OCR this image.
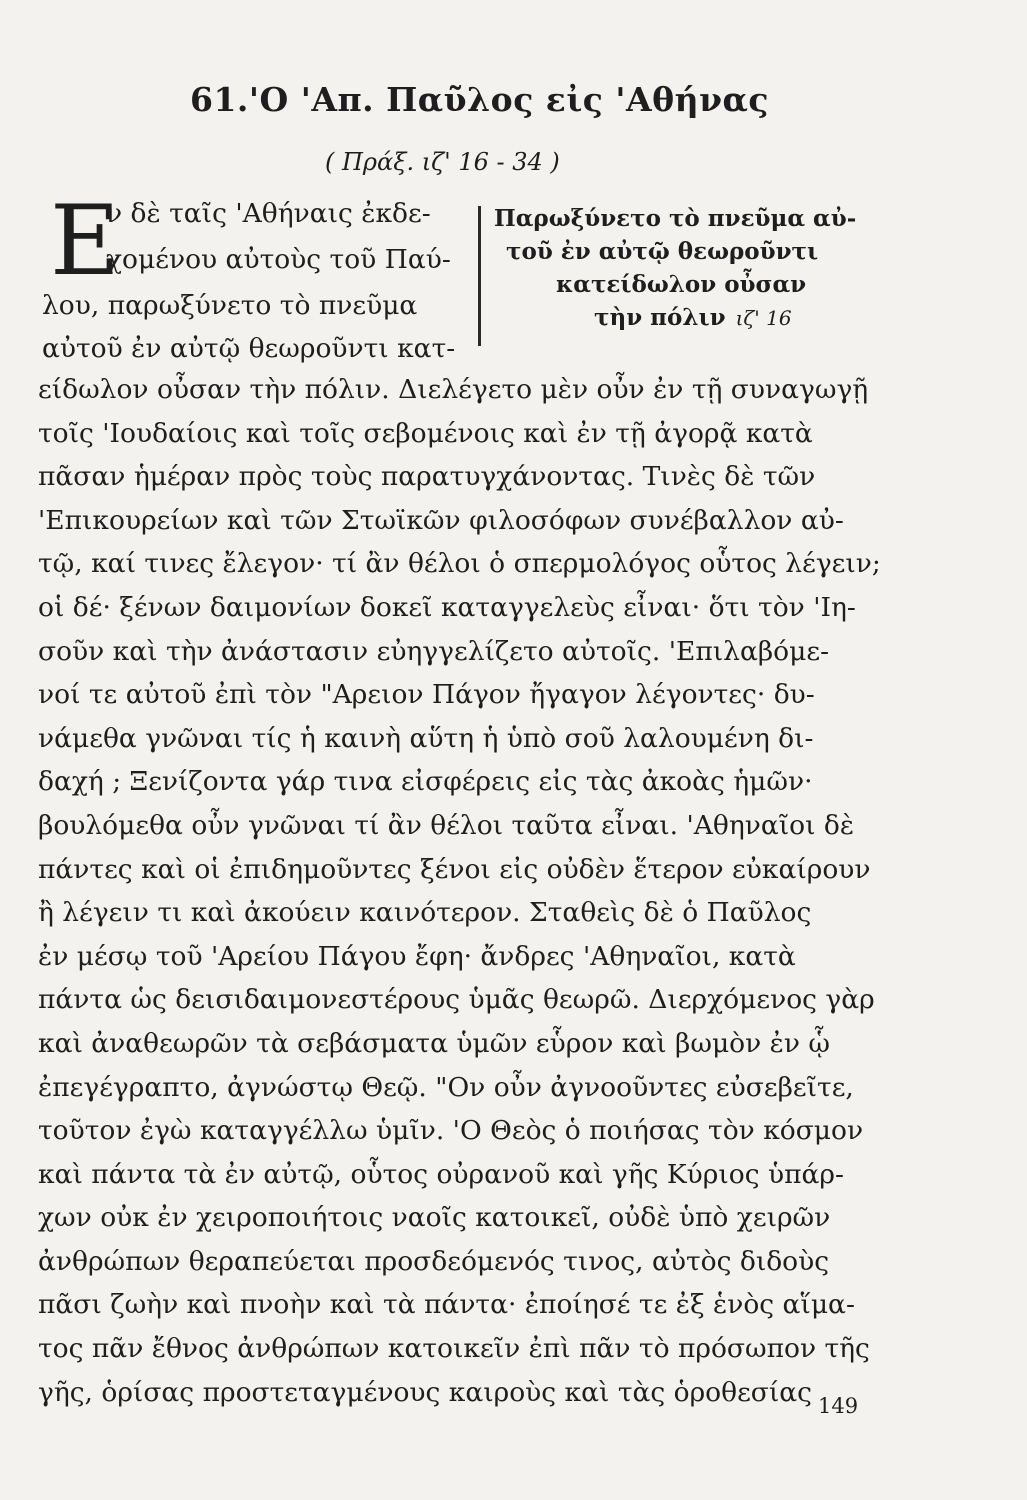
61.'Ο 'Απ. Παῦλος εἰς 'Αθήνας
( Πράξ. ιζ' 16 - 34 )
Ε
ν δὲ ταῖς 'Αθήναις ἐκδε-
χομένου αὐτοὺς τοῦ Παύ-
λου, παρωξύνετο τὸ πνεῦμα
αὐτοῦ ἐν αὐτῷ θεωροῦντι κατ-
Παρωξύνετο τὸ πνεῦμα αὐ-
τοῦ ἐν αὐτῷ θεωροῦντι
κατείδωλον οὖσαν
τὴν πόλιν ιζ' 16
είδωλον οὖσαν τὴν πόλιν. Διελέγετο μὲν οὖν ἐν τῇ συναγωγῇ
τοῖς 'Ιουδαίοις καὶ τοῖς σεβομένοις καὶ ἐν τῇ ἀγορᾷ κατὰ
πᾶσαν ἡμέραν πρὸς τοὺς παρατυγχάνοντας. Τινὲς δὲ τῶν
'Επικουρείων καὶ τῶν Στωϊκῶν φιλοσόφων συνέβαλλον αὐ-
τῷ, καί τινες ἔλεγον· τί ἂν θέλοι ὁ σπερμολόγος οὗτος λέγειν;
οἱ δέ· ξένων δαιμονίων δοκεῖ καταγγελεὺς εἶναι· ὅτι τὸν 'Ιη-
σοῦν καὶ τὴν ἀνάστασιν εὐηγγελίζετο αὐτοῖς. 'Επιλαβόμε-
νοί τε αὐτοῦ ἐπὶ τὸν "Αρειον Πάγον ἤγαγον λέγοντες· δυ-
νάμεθα γνῶναι τίς ἡ καινὴ αὕτη ἡ ὑπὸ σοῦ λαλουμένη δι-
δαχή ; Ξενίζοντα γάρ τινα εἰσφέρεις εἰς τὰς ἀκοὰς ἡμῶν·
βουλόμεθα οὖν γνῶναι τί ἂν θέλοι ταῦτα εἶναι. 'Αθηναῖοι δὲ
πάντες καὶ οἱ ἐπιδημοῦντες ξένοι εἰς οὐδὲν ἕτερον εὐκαίρουν
ἢ λέγειν τι καὶ ἀκούειν καινότερον. Σταθεὶς δὲ ὁ Παῦλος
ἐν μέσῳ τοῦ 'Αρείου Πάγου ἔφη· ἄνδρες 'Αθηναῖοι, κατὰ
πάντα ὡς δεισιδαιμονεστέρους ὑμᾶς θεωρῶ. Διερχόμενος γὰρ
καὶ ἀναθεωρῶν τὰ σεβάσματα ὑμῶν εὗρον καὶ βωμὸν ἐν ᾧ
ἐπεγέγραπτο, ἀγνώστῳ Θεῷ. "Ον οὖν ἀγνοοῦντες εὐσεβεῖτε,
τοῦτον ἐγὼ καταγγέλλω ὑμῖν. 'Ο Θεὸς ὁ ποιήσας τὸν κόσμον
καὶ πάντα τὰ ἐν αὐτῷ, οὗτος οὐρανοῦ καὶ γῆς Κύριος ὑπάρ-
χων οὐκ ἐν χειροποιήτοις ναοῖς κατοικεῖ, οὐδὲ ὑπὸ χειρῶν
ἀνθρώπων θεραπεύεται προσδεόμενός τινος, αὐτὸς διδοὺς
πᾶσι ζωὴν καὶ πνοὴν καὶ τὰ πάντα· ἐποίησέ τε ἐξ ἑνὸς αἵμα-
τος πᾶν ἔθνος ἀνθρώπων κατοικεῖν ἐπὶ πᾶν τὸ πρόσωπον τῆς
γῆς, ὁρίσας προστεταγμένους καιροὺς καὶ τὰς ὁροθεσίας 149
